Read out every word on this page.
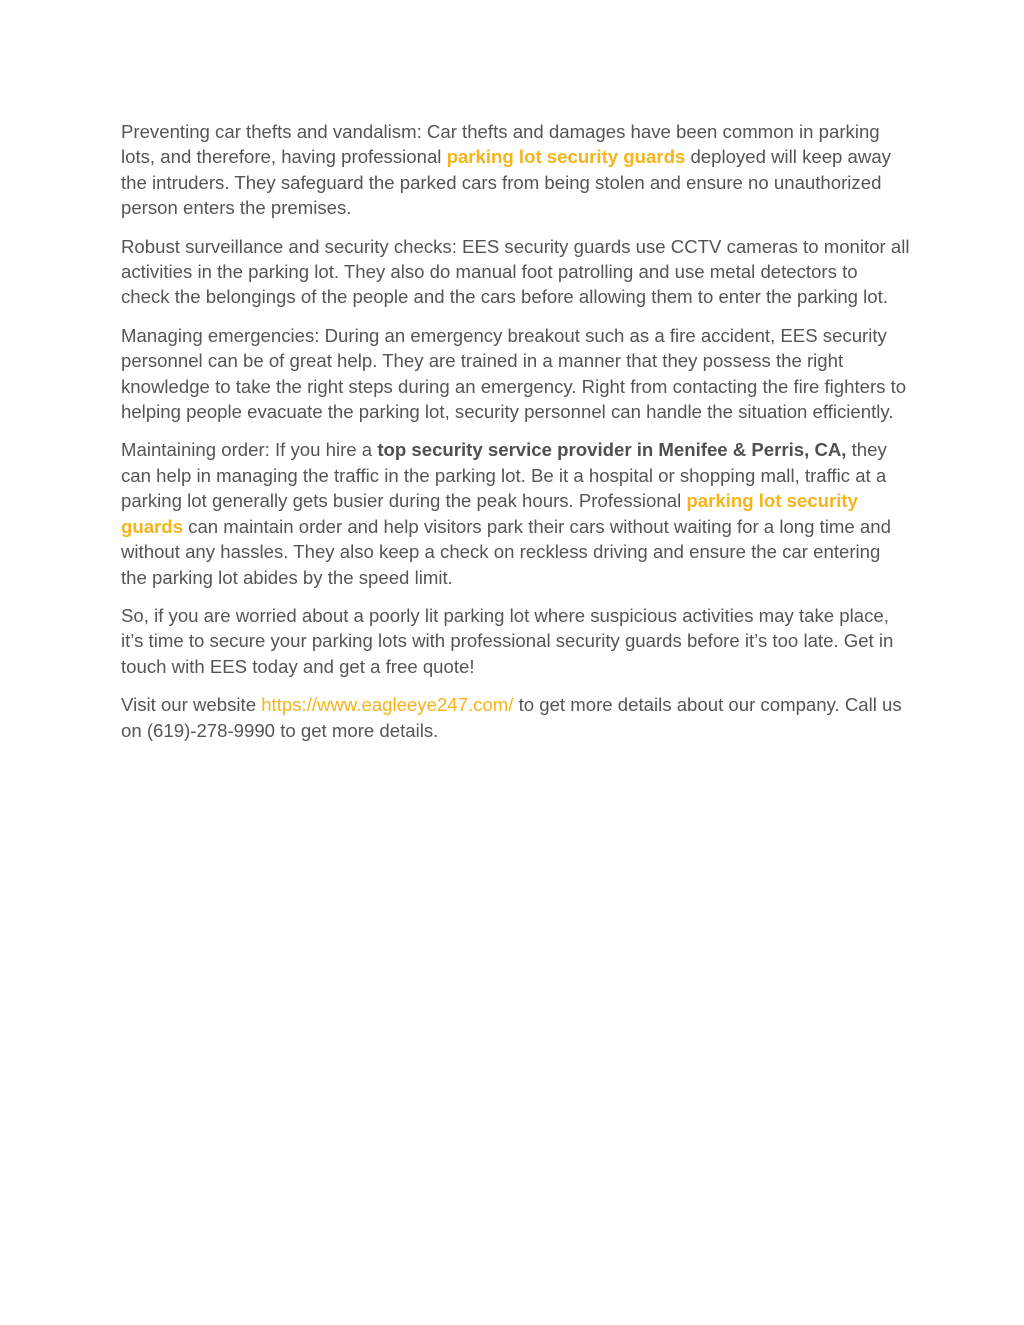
Preventing car thefts and vandalism: Car thefts and damages have been common in parking lots, and therefore, having professional parking lot security guards deployed will keep away the intruders. They safeguard the parked cars from being stolen and ensure no unauthorized person enters the premises.

Robust surveillance and security checks: EES security guards use CCTV cameras to monitor all activities in the parking lot. They also do manual foot patrolling and use metal detectors to check the belongings of the people and the cars before allowing them to enter the parking lot.

Managing emergencies: During an emergency breakout such as a fire accident, EES security personnel can be of great help. They are trained in a manner that they possess the right knowledge to take the right steps during an emergency. Right from contacting the fire fighters to helping people evacuate the parking lot, security personnel can handle the situation efficiently.

Maintaining order: If you hire a top security service provider in Menifee & Perris, CA, they can help in managing the traffic in the parking lot. Be it a hospital or shopping mall, traffic at a parking lot generally gets busier during the peak hours. Professional parking lot security guards can maintain order and help visitors park their cars without waiting for a long time and without any hassles. They also keep a check on reckless driving and ensure the car entering the parking lot abides by the speed limit.

So, if you are worried about a poorly lit parking lot where suspicious activities may take place, it’s time to secure your parking lots with professional security guards before it’s too late. Get in touch with EES today and get a free quote!

Visit our website https://www.eagleeye247.com/ to get more details about our company. Call us on (619)-278-9990 to get more details.
